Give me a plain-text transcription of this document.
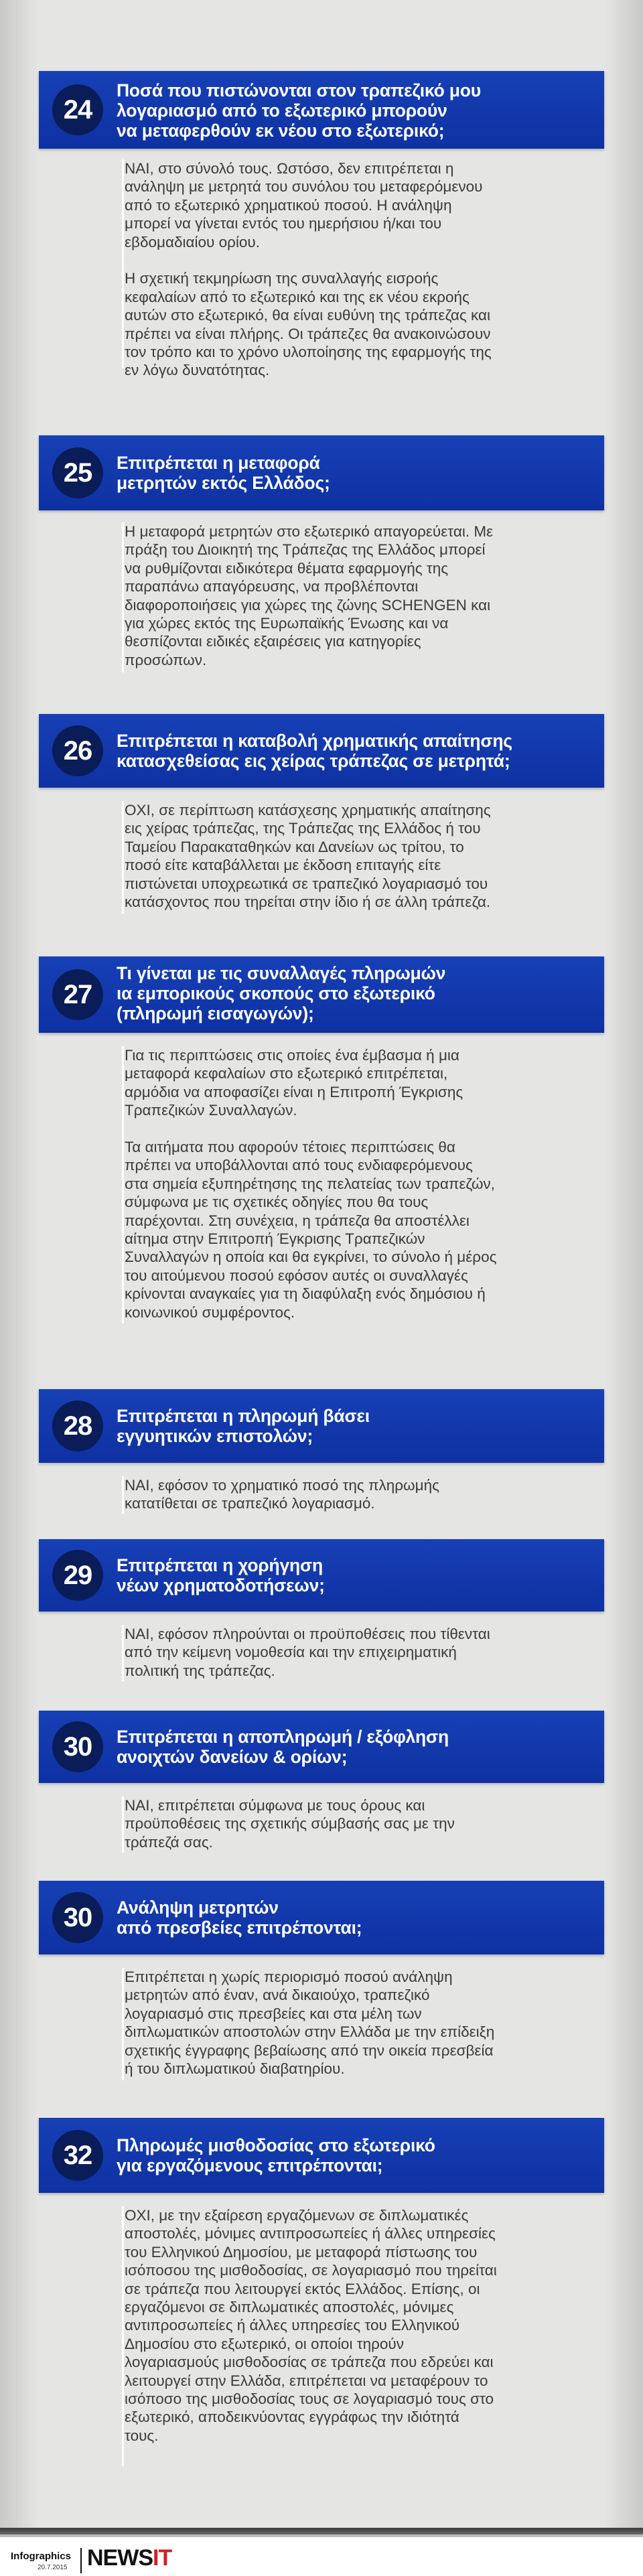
24
Ποσά που πιστώνονται στον τραπεζικό μου
λογαριασμό από το εξωτερικό μπορούν
να μεταφερθούν εκ νέου στο εξωτερικό;

ΝΑΙ, στο σύνολό τους. Ωστόσο, δεν επιτρέπεται η
ανάληψη με μετρητά του συνόλου του μεταφερόμενου
από το εξωτερικό χρηματικού ποσού. Η ανάληψη
μπορεί να γίνεται εντός του ημερήσιου ή/και του
εβδομαδιαίου ορίου.

Η σχετική τεκμηρίωση της συναλλαγής εισροής
κεφαλαίων από το εξωτερικό και της εκ νέου εκροής
αυτών στο εξωτερικό, θα είναι ευθύνη της τράπεζας και
πρέπει να είναι πλήρης. Οι τράπεζες θα ανακοινώσουν
τον τρόπο και το χρόνο υλοποίησης της εφαρμογής της
εν λόγω δυνατότητας.

25	Επιτρέπεται η μεταφορά
μετρητών εκτός Ελλάδος;

Η μεταφορά μετρητών στο εξωτερικό απαγορεύεται. Με
πράξη του Διοικητή της Τράπεζας της Ελλάδος μπορεί
να ρυθμίζονται ειδικότερα θέματα εφαρμογής της
παραπάνω απαγόρευσης, να προβλέπονται
διαφοροποιήσεις για χώρες της ζώνης SCHENGEN και
για χώρες εκτός της Ευρωπαϊκής Ένωσης και να
θεσπίζονται ειδικές εξαιρέσεις για κατηγορίες
προσώπων.

26	Επιτρέπεται η καταβολή χρηματικής απαίτησης
κατασχεθείσας εις χείρας τράπεζας σε μετρητά;

ΟΧΙ, σε περίπτωση κατάσχεσης χρηματικής απαίτησης
εις χείρας τράπεζας, της Τράπεζας της Ελλάδος ή του
Ταμείου Παρακαταθηκών και Δανείων ως τρίτου, το
ποσό είτε καταβάλλεται με έκδοση επιταγής είτε
πιστώνεται υποχρεωτικά σε τραπεζικό λογαριασμό του
κατάσχοντος που τηρείται στην ίδιο ή σε άλλη τράπεζα.

27
Τι γίνεται με τις συναλλαγές πληρωμών
ια εμπορικούς σκοπούς στο εξωτερικό
(πληρωμή εισαγωγών);

Για τις περιπτώσεις στις οποίες ένα έμβασμα ή μια
μεταφορά κεφαλαίων στο εξωτερικό επιτρέπεται,
αρμόδια να αποφασίζει είναι η Επιτροπή Έγκρισης
Τραπεζικών Συναλλαγών.

Τα αιτήματα που αφορούν τέτοιες περιπτώσεις θα
πρέπει να υποβάλλονται από τους ενδιαφερόμενους
στα σημεία εξυπηρέτησης της πελατείας των τραπεζών,
σύμφωνα με τις σχετικές οδηγίες που θα τους
παρέχονται. Στη συνέχεια, η τράπεζα θα αποστέλλει
αίτημα στην Επιτροπή Έγκρισης Τραπεζικών
Συναλλαγών η οποία και θα εγκρίνει, το σύνολο ή μέρος
του αιτούμενου ποσού εφόσον αυτές οι συναλλαγές
κρίνονται αναγκαίες για τη διαφύλαξη ενός δημόσιου ή
κοινωνικού συμφέροντος.

28	Επιτρέπεται η πληρωμή βάσει
εγγυητικών επιστολών;

ΝΑΙ, εφόσον το χρηματικό ποσό της πληρωμής
κατατίθεται σε τραπεζικό λογαριασμό.

29	Επιτρέπεται η χορήγηση
νέων χρηματοδοτήσεων;

ΝΑΙ, εφόσον πληρούνται οι προϋποθέσεις που τίθενται
από την κείμενη νομοθεσία και την επιχειρηματική
πολιτική της τράπεζας.

30	Επιτρέπεται η αποπληρωμή / εξόφληση
ανοιχτών δανείων & ορίων;

ΝΑΙ, επιτρέπεται σύμφωνα με τους όρους και
προϋποθέσεις της σχετικής σύμβασής σας με την
τράπεζά σας.

30	Ανάληψη μετρητών
από πρεσβείες επιτρέπονται;

Επιτρέπεται η χωρίς περιορισμό ποσού ανάληψη
μετρητών από έναν, ανά δικαιούχο, τραπεζικό
λογαριασμό στις πρεσβείες και στα μέλη των
διπλωματικών αποστολών στην Ελλάδα με την επίδειξη
σχετικής έγγραφης βεβαίωσης από την οικεία πρεσβεία
ή του διπλωματικού διαβατηρίου.

32	Πληρωμές μισθοδοσίας στο εξωτερικό
για εργαζόμενους επιτρέπονται;

ΟΧΙ, με την εξαίρεση εργαζόμενων σε διπλωματικές
αποστολές, μόνιμες αντιπροσωπείες ή άλλες υπηρεσίες
του Ελληνικού Δημοσίου, με μεταφορά πίστωσης του
ισόποσου της μισθοδοσίας, σε λογαριασμό που τηρείται
σε τράπεζα που λειτουργεί εκτός Ελλάδος. Επίσης, οι
εργαζόμενοι σε διπλωματικές αποστολές, μόνιμες
αντιπροσωπείες ή άλλες υπηρεσίες του Ελληνικού
Δημοσίου στο εξωτερικό, οι οποίοι τηρούν
λογαριασμούς μισθοδοσίας σε τράπεζα που εδρεύει και
λειτουργεί στην Ελλάδα, επιτρέπεται να μεταφέρουν το
ισόποσο της μισθοδοσίας τους σε λογαριασμό τους στο
εξωτερικό, αποδεικνύοντας εγγράφως την ιδιότητά
τους.

Infographics
20.7.2015 NEWSIT
